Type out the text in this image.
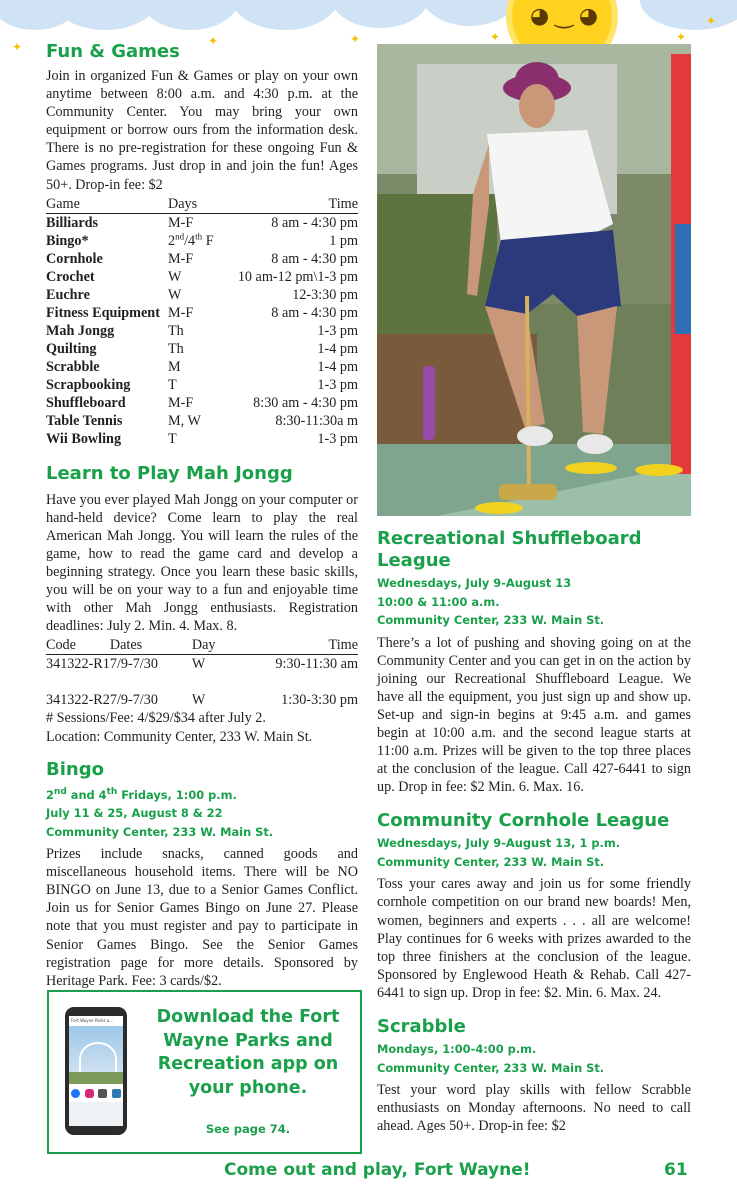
✦	✦	✦	✦	✦
✦
◕‿◕
Fun & Games

Join in organized Fun & Games or play on your own anytime between 8:00 a.m. and 4:30 p.m. at the Community Center. You may bring your own equipment or borrow ours from the information desk. There is no pre-registration for these ongoing Fun & Games programs. Just drop in and join the fun! Ages 50+. Drop-in fee: $2

Game	Days	Time
Billiards	M-F	8 am - 4:30 pm
Bingo*	2nd/4th F	1 pm
Cornhole	M-F	8 am - 4:30 pm
Crochet	W	10 am-12 pm\1-3 pm
Euchre	W	12-3:30 pm
Fitness Equipment	M-F	8 am - 4:30 pm
Mah Jongg	Th	1-3 pm
Quilting	Th	1-4 pm
Scrabble	M	1-4 pm
Scrapbooking	T	1-3 pm
Shuffleboard	M-F	8:30 am - 4:30 pm
Table Tennis	M, W	8:30-11:30a m
Wii Bowling	T	1-3 pm
Learn to Play Mah Jongg

Have you ever played Mah Jongg on your computer or hand-held device? Come learn to play the real American Mah Jongg. You will learn the rules of the game, how to read the game card and develop a beginning strategy. Once you learn these basic skills, you will be on your way to a fun and enjoyable time with other Mah Jongg enthusiasts. Registration deadlines: July 2. Min. 4. Max. 8.

Code	Dates	Day	Time
341322-R1	7/9-7/30	W	9:30-11:30 am

341322-R2	7/9-7/30	W	1:30-3:30 pm

# Sessions/Fee: 4/$29/$34 after July 2.

Location: Community Center, 233 W. Main St.

Bingo
2nd and 4th Fridays, 1:00 p.m.
July 11 & 25, August 8 & 22
Community Center, 233 W. Main St.

Prizes include snacks, canned goods and miscellaneous household items. There will be NO BINGO on June 13, due to a Senior Games Conflict. Join us for Senior Games Bingo on June 27. Please note that you must register and pay to participate in Senior Games Bingo. See the Senior Games registration page for more details. Sponsored by Heritage Park. Fee: 3 cards/$2.

Fort Wayne Parks a...	Download the Fort Wayne Parks and Recreation app on your phone.
See page 74.
Recreational Shuffleboard League
Wednesdays, July 9-August 13
10:00 & 11:00 a.m.
Community Center, 233 W. Main St.

There’s a lot of pushing and shoving going on at the Community Center and you can get in on the action by joining our Recreational Shuffleboard League. We have all the equipment, you just sign up and show up. Set-up and sign-in begins at 9:45 a.m. and games begin at 10:00 a.m. and the second league starts at 11:00 a.m. Prizes will be given to the top three places at the conclusion of the league. Call 427-6441 to sign up. Drop in fee: $2 Min. 6. Max. 16.

Community Cornhole League
Wednesdays, July 9-August 13, 1 p.m.
Community Center, 233 W. Main St.

Toss your cares away and join us for some friendly cornhole competition on our brand new boards! Men, women, beginners and experts . . . all are welcome! Play continues for 6 weeks with prizes awarded to the top three finishers at the conclusion of the league. Sponsored by Englewood Heath & Rehab. Call 427-6441 to sign up. Drop in fee: $2. Min. 6. Max. 24.

Scrabble
Mondays, 1:00-4:00 p.m.
Community Center, 233 W. Main St.

Test your word play skills with fellow Scrabble enthusiasts on Monday afternoons. No need to call ahead. Ages 50+. Drop-in fee: $2

Come out and play, Fort Wayne!	61
